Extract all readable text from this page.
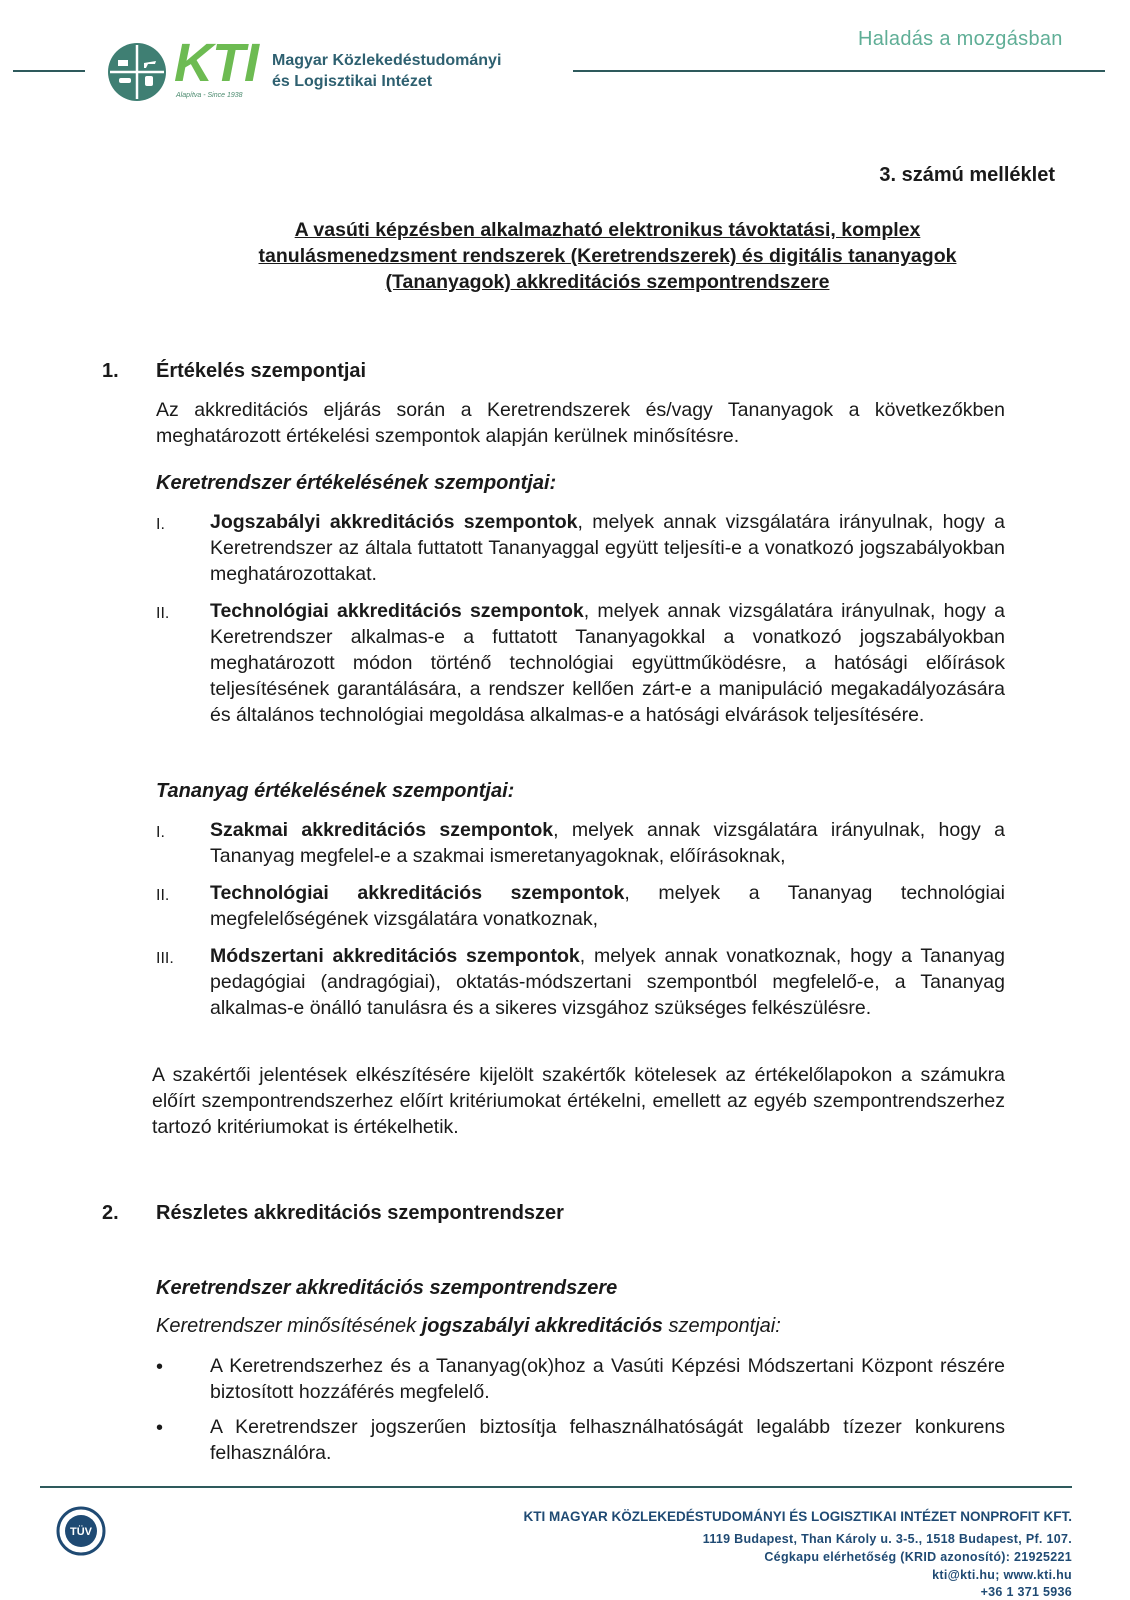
KTI
Alapítva - Since 1938
Magyar Közlekedéstudományi
és Logisztikai Intézet
Haladás a mozgásban
3. számú melléklet
A vasúti képzésben alkalmazható elektronikus távoktatási, komplex
tanulásmenedzsment rendszerek (Keretrendszerek) és digitális tananyagok
(Tananyagok) akkreditációs szempontrendszere
1. Értékelés szempontjai
Az akkreditációs eljárás során a Keretrendszerek és/vagy Tananyagok a következőkben meghatározott értékelési szempontok alapján kerülnek minősítésre.
Keretrendszer értékelésének szempontjai:
I. Jogszabályi akkreditációs szempontok, melyek annak vizsgálatára irányulnak, hogy a Keretrendszer az általa futtatott Tananyaggal együtt teljesíti-e a vonatkozó jogszabályokban meghatározottakat.
II. Technológiai akkreditációs szempontok, melyek annak vizsgálatára irányulnak, hogy a Keretrendszer alkalmas-e a futtatott Tananyagokkal a vonatkozó jogszabályokban meghatározott módon történő technológiai együttműködésre, a hatósági előírások teljesítésének garantálására, a rendszer kellően zárt-e a manipuláció megakadályozására és általános technológiai megoldása alkalmas-e a hatósági elvárások teljesítésére.
Tananyag értékelésének szempontjai:
I. Szakmai akkreditációs szempontok, melyek annak vizsgálatára irányulnak, hogy a Tananyag megfelel-e a szakmai ismeretanyagoknak, előírásoknak,
II. Technológiai akkreditációs szempontok, melyek a Tananyag technológiai megfelelőségének vizsgálatára vonatkoznak,
III. Módszertani akkreditációs szempontok, melyek annak vonatkoznak, hogy a Tananyag pedagógiai (andragógiai), oktatás-módszertani szempontból megfelelő-e, a Tananyag alkalmas-e önálló tanulásra és a sikeres vizsgához szükséges felkészülésre.
A szakértői jelentések elkészítésére kijelölt szakértők kötelesek az értékelőlapokon a számukra előírt szempontrendszerhez előírt kritériumokat értékelni, emellett az egyéb szempontrendszerhez tartozó kritériumokat is értékelhetik.
2. Részletes akkreditációs szempontrendszer
Keretrendszer akkreditációs szempontrendszere
Keretrendszer minősítésének jogszabályi akkreditációs szempontjai:
• A Keretrendszerhez és a Tananyag(ok)hoz a Vasúti Képzési Módszertani Központ részére biztosított hozzáférés megfelelő.
• A Keretrendszer jogszerűen biztosítja felhasználhatóságát legalább tízezer konkurens felhasználóra.
TÜV
KTI MAGYAR KÖZLEKEDÉSTUDOMÁNYI ÉS LOGISZTIKAI INTÉZET NONPROFIT KFT.
1119 Budapest, Than Károly u. 3-5., 1518 Budapest, Pf. 107.
Cégkapu elérhetőség (KRID azonosító): 21925221
kti@kti.hu; www.kti.hu
+36 1 371 5936
